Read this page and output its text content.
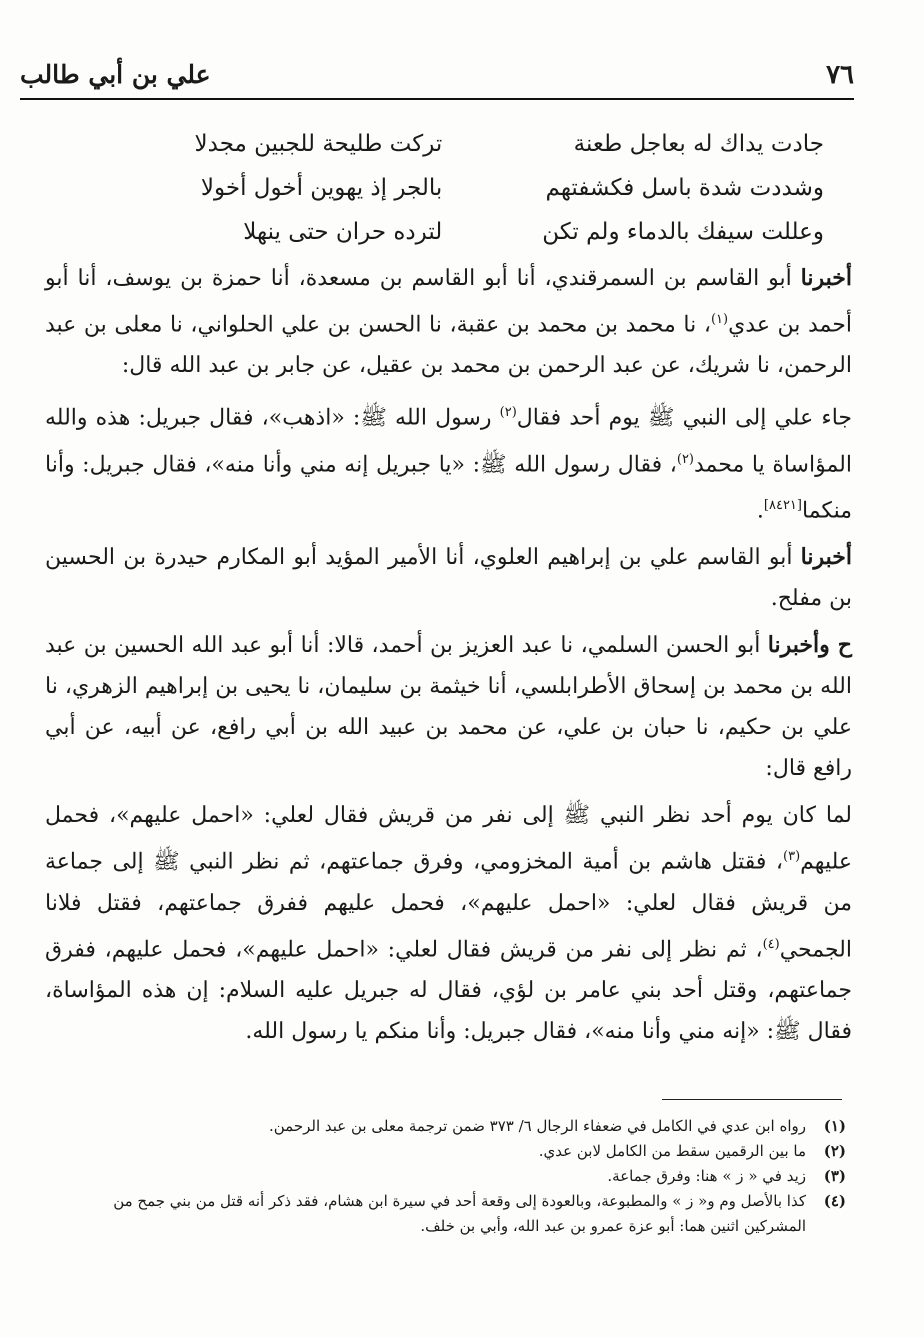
٧٦
علي بن أبي طالب
جادت يداك له بعاجل طعنة
تركت طليحة للجبين مجدلا
وشددت شدة باسل فكشفتهم
بالجر إذ يهوين أخول أخولا
وعللت سيفك بالدماء ولم تكن
لترده حران حتى ينهلا

أخبرنا أبو القاسم بن السمرقندي، أنا أبو القاسم بن مسعدة، أنا حمزة بن يوسف، أنا أبو أحمد بن عدي$^{(١)}$، نا محمد بن محمد بن عقبة، نا الحسن بن علي الحلواني، نا معلى بن عبد الرحمن، نا شريك، عن عبد الرحمن بن محمد بن عقيل، عن جابر بن عبد الله قال:

جاء علي إلى النبي ﷺ يوم أحد فقال$^{(٢)}$ رسول الله ﷺ: «اذهب»، فقال جبريل: هذه والله المؤاساة يا محمد$^{(٢)}$، فقال رسول الله ﷺ: «يا جبريل إنه مني وأنا منه»، فقال جبريل: وأنا منكما[٨٤٢١].

أخبرنا أبو القاسم علي بن إبراهيم العلوي، أنا الأمير المؤيد أبو المكارم حيدرة بن الحسين بن مفلح.

ح وأخبرنا أبو الحسن السلمي، نا عبد العزيز بن أحمد، قالا: أنا أبو عبد الله الحسين بن عبد الله بن محمد بن إسحاق الأطرابلسي، أنا خيثمة بن سليمان، نا يحيى بن إبراهيم الزهري، نا علي بن حكيم، نا حبان بن علي، عن محمد بن عبيد الله بن أبي رافع، عن أبيه، عن أبي رافع قال:

لما كان يوم أحد نظر النبي ﷺ إلى نفر من قريش فقال لعلي: «احمل عليهم»، فحمل عليهم$^{(٣)}$، فقتل هاشم بن أمية المخزومي، وفرق جماعتهم، ثم نظر النبي ﷺ إلى جماعة من قريش فقال لعلي: «احمل عليهم»، فحمل عليهم ففرق جماعتهم، فقتل فلانا الجمحي$^{(٤)}$، ثم نظر إلى نفر من قريش فقال لعلي: «احمل عليهم»، فحمل عليهم، ففرق جماعتهم، وقتل أحد بني عامر بن لؤي، فقال له جبريل عليه السلام: إن هذه المؤاساة، فقال ﷺ: «إنه مني وأنا منه»، فقال جبريل: وأنا منكم يا رسول الله.

(١)
رواه ابن عدي في الكامل في ضعفاء الرجال ٦/ ٣٧٣ ضمن ترجمة معلى بن عبد الرحمن.
(٢)
ما بين الرقمين سقط من الكامل لابن عدي.
(٣)
زيد في « ز » هنا: وفرق جماعة.
(٤)
كذا بالأصل وم و« ز » والمطبوعة، وبالعودة إلى وقعة أحد في سيرة ابن هشام، فقد ذكر أنه قتل من بني جمح من المشركين اثنين هما: أبو عزة عمرو بن عبد الله، وأبي بن خلف.
